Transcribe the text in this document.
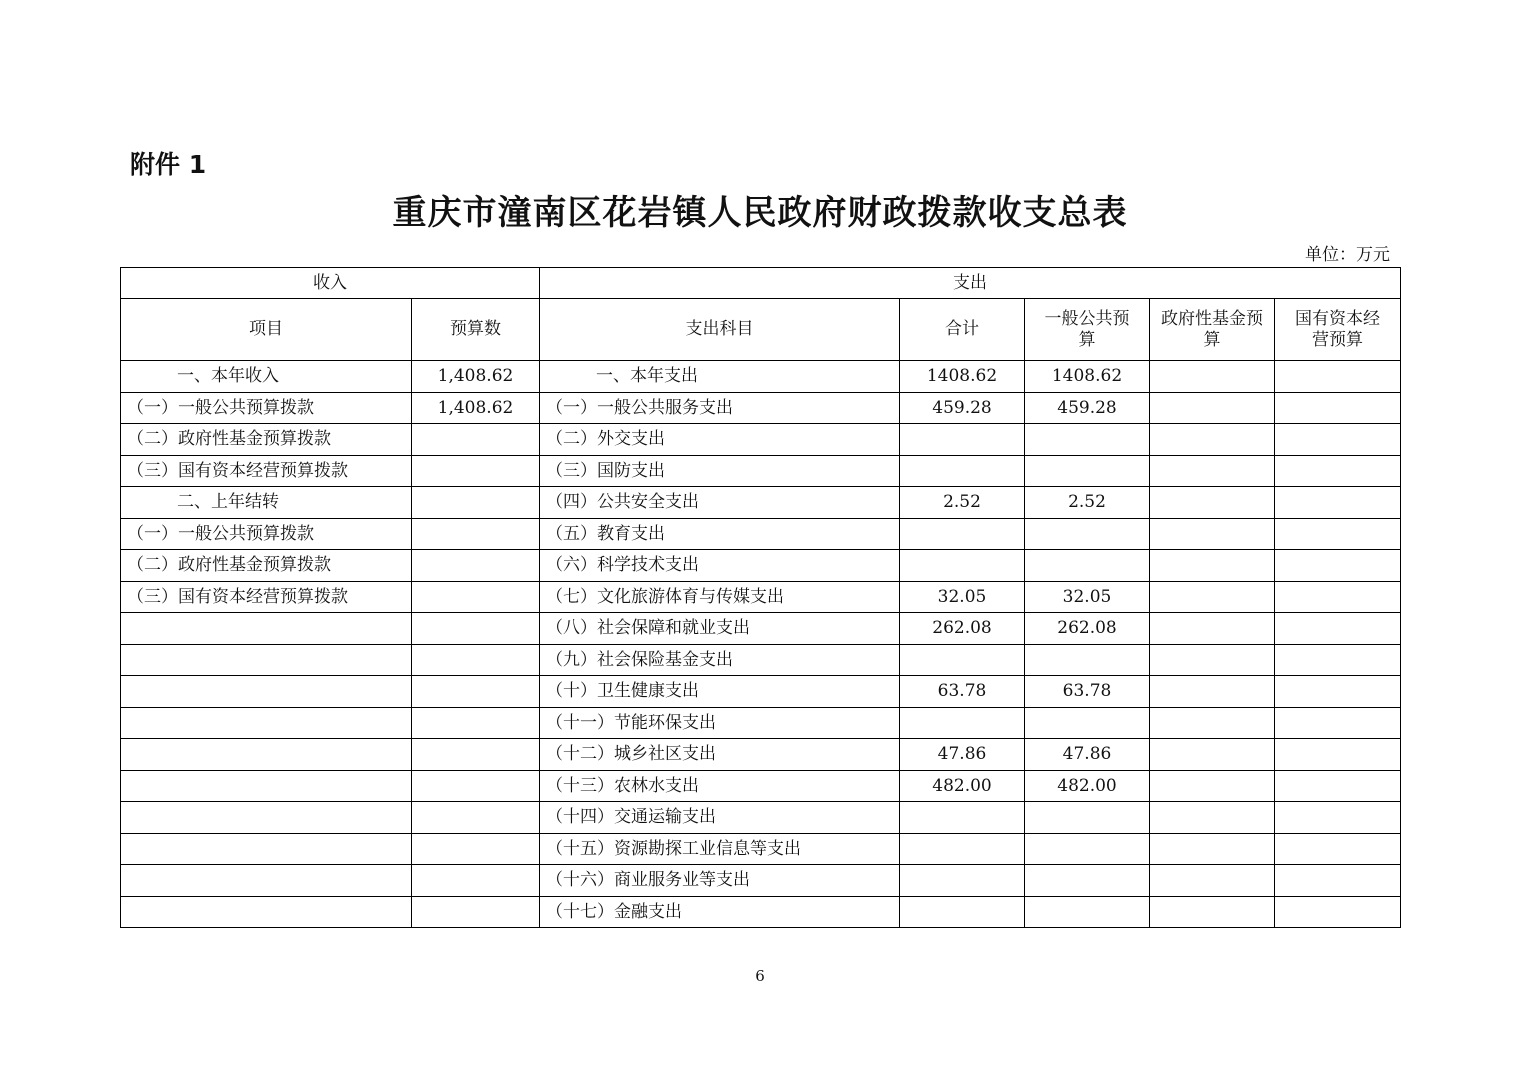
附件 1
重庆市潼南区花岩镇人民政府财政拨款收支总表
单位：万元
收入		支出				
项目	预算数	支出科目	合计	一般公共预算	政府性基金预算	国有资本经营预算
一、本年收入	1,408.62	一、本年支出	1408.62	1408.62		
（一）一般公共预算拨款	1,408.62	（一）一般公共服务支出	459.28	459.28		
（二）政府性基金预算拨款		（二）外交支出				
（三）国有资本经营预算拨款		（三）国防支出				
二、上年结转		（四）公共安全支出	2.52	2.52		
（一）一般公共预算拨款		（五）教育支出				
（二）政府性基金预算拨款		（六）科学技术支出				
（三）国有资本经营预算拨款		（七）文化旅游体育与传媒支出	32.05	32.05		
		（八）社会保障和就业支出	262.08	262.08		
		（九）社会保险基金支出				
		（十）卫生健康支出	63.78	63.78		
		（十一）节能环保支出				
		（十二）城乡社区支出	47.86	47.86		
		（十三）农林水支出	482.00	482.00		
		（十四）交通运输支出				
		（十五）资源勘探工业信息等支出				
		（十六）商业服务业等支出				
		（十七）金融支出				
6
